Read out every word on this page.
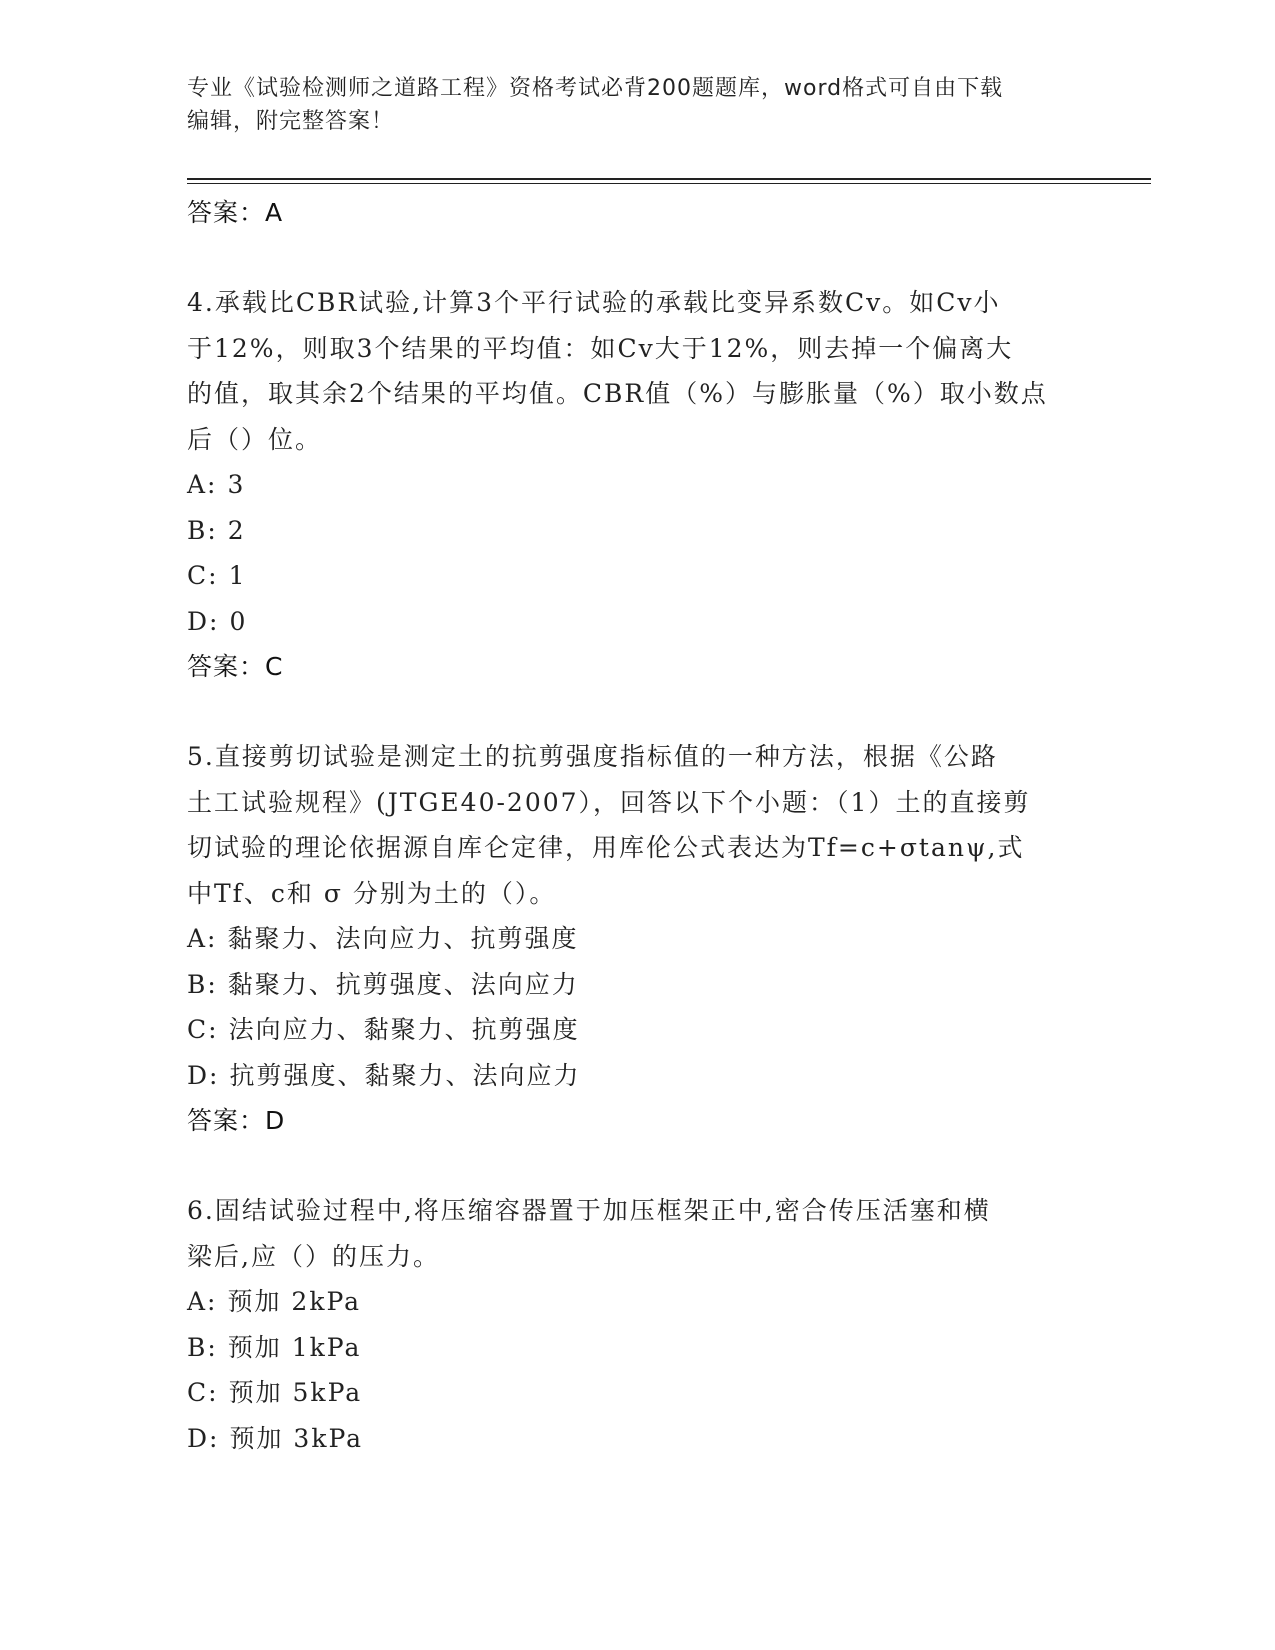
专业《试验检测师之道路工程》资格考试必背200题题库，word格式可自由下载
编辑，附完整答案！
答案：A
4.承载比CBR试验,计算3个平行试验的承载比变异系数Cv。如Cv小
于12%，则取3个结果的平均值：如Cv大于12%，则去掉一个偏离大
的值，取其余2个结果的平均值。CBR值（%）与膨胀量（%）取小数点
后（）位。
A: 3
B: 2
C: 1
D: 0
答案：C
5.直接剪切试验是测定土的抗剪强度指标值的一种方法，根据《公路
土工试验规程》(JTGE40-2007），回答以下个小题：（1）土的直接剪
切试验的理论依据源自库仑定律，用库伦公式表达为Tf=c+σtanψ,式
中Tf、c和 σ 分别为土的（）。
A: 黏聚力、法向应力、抗剪强度
B: 黏聚力、抗剪强度、法向应力
C: 法向应力、黏聚力、抗剪强度
D: 抗剪强度、黏聚力、法向应力
答案：D
6.固结试验过程中,将压缩容器置于加压框架正中,密合传压活塞和横
梁后,应（）的压力。
A: 预加 2kPa
B: 预加 1kPa
C: 预加 5kPa
D: 预加 3kPa
